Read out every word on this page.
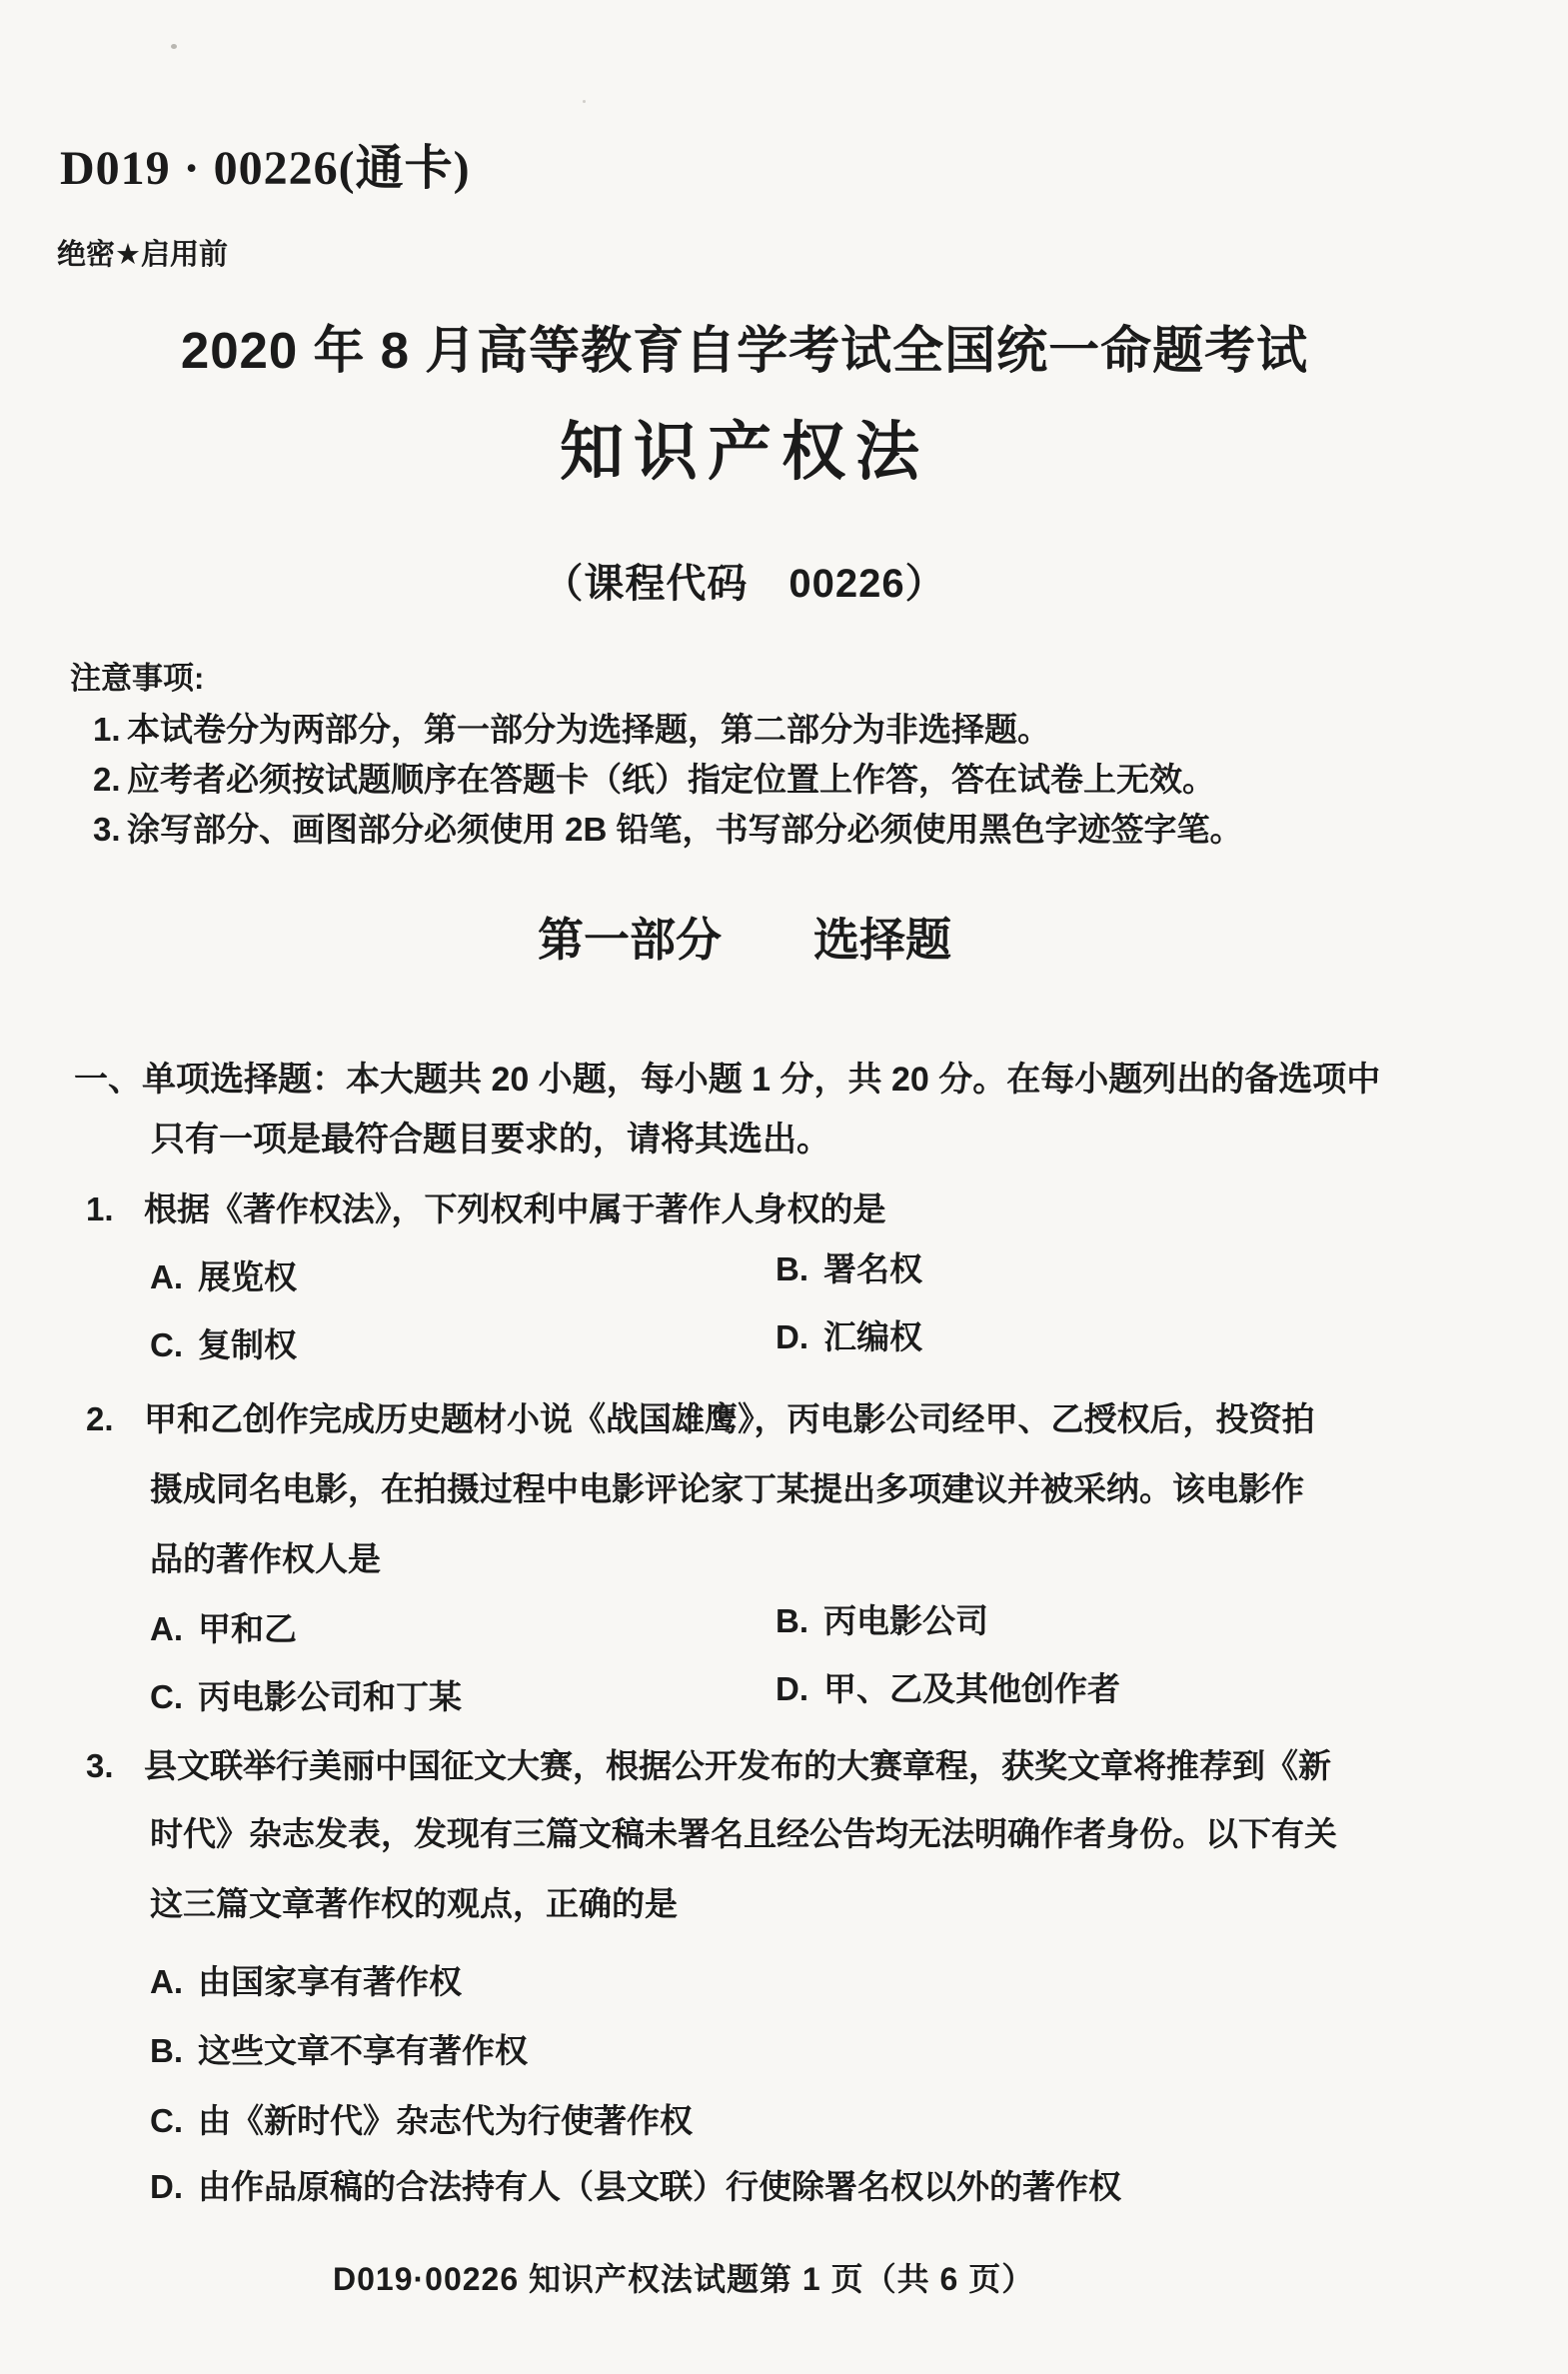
D019 · 00226(通卡)
绝密★启用前
2020 年 8 月高等教育自学考试全国统一命题考试
知识产权法
（课程代码　00226）
注意事项:
1. 本试卷分为两部分，第一部分为选择题，第二部分为非选择题。
2. 应考者必须按试题顺序在答题卡（纸）指定位置上作答，答在试卷上无效。
3. 涂写部分、画图部分必须使用 2B 铅笔，书写部分必须使用黑色字迹签字笔。
第一部分　　选择题
一、单项选择题：本大题共 20 小题，每小题 1 分，共 20 分。在每小题列出的备选项中
只有一项是最符合题目要求的，请将其选出。
1. 根据《著作权法》，下列权利中属于著作人身权的是
A. 展览权	B. 署名权
C. 复制权	D. 汇编权
2. 甲和乙创作完成历史题材小说《战国雄鹰》，丙电影公司经甲、乙授权后，投资拍
摄成同名电影，在拍摄过程中电影评论家丁某提出多项建议并被采纳。该电影作
品的著作权人是
A. 甲和乙	B. 丙电影公司
C. 丙电影公司和丁某	D. 甲、乙及其他创作者
3. 县文联举行美丽中国征文大赛，根据公开发布的大赛章程，获奖文章将推荐到《新
时代》杂志发表，发现有三篇文稿未署名且经公告均无法明确作者身份。以下有关
这三篇文章著作权的观点，正确的是
A. 由国家享有著作权
B. 这些文章不享有著作权
C. 由《新时代》杂志代为行使著作权
D. 由作品原稿的合法持有人（县文联）行使除署名权以外的著作权
D019·00226 知识产权法试题第 1 页（共 6 页）
